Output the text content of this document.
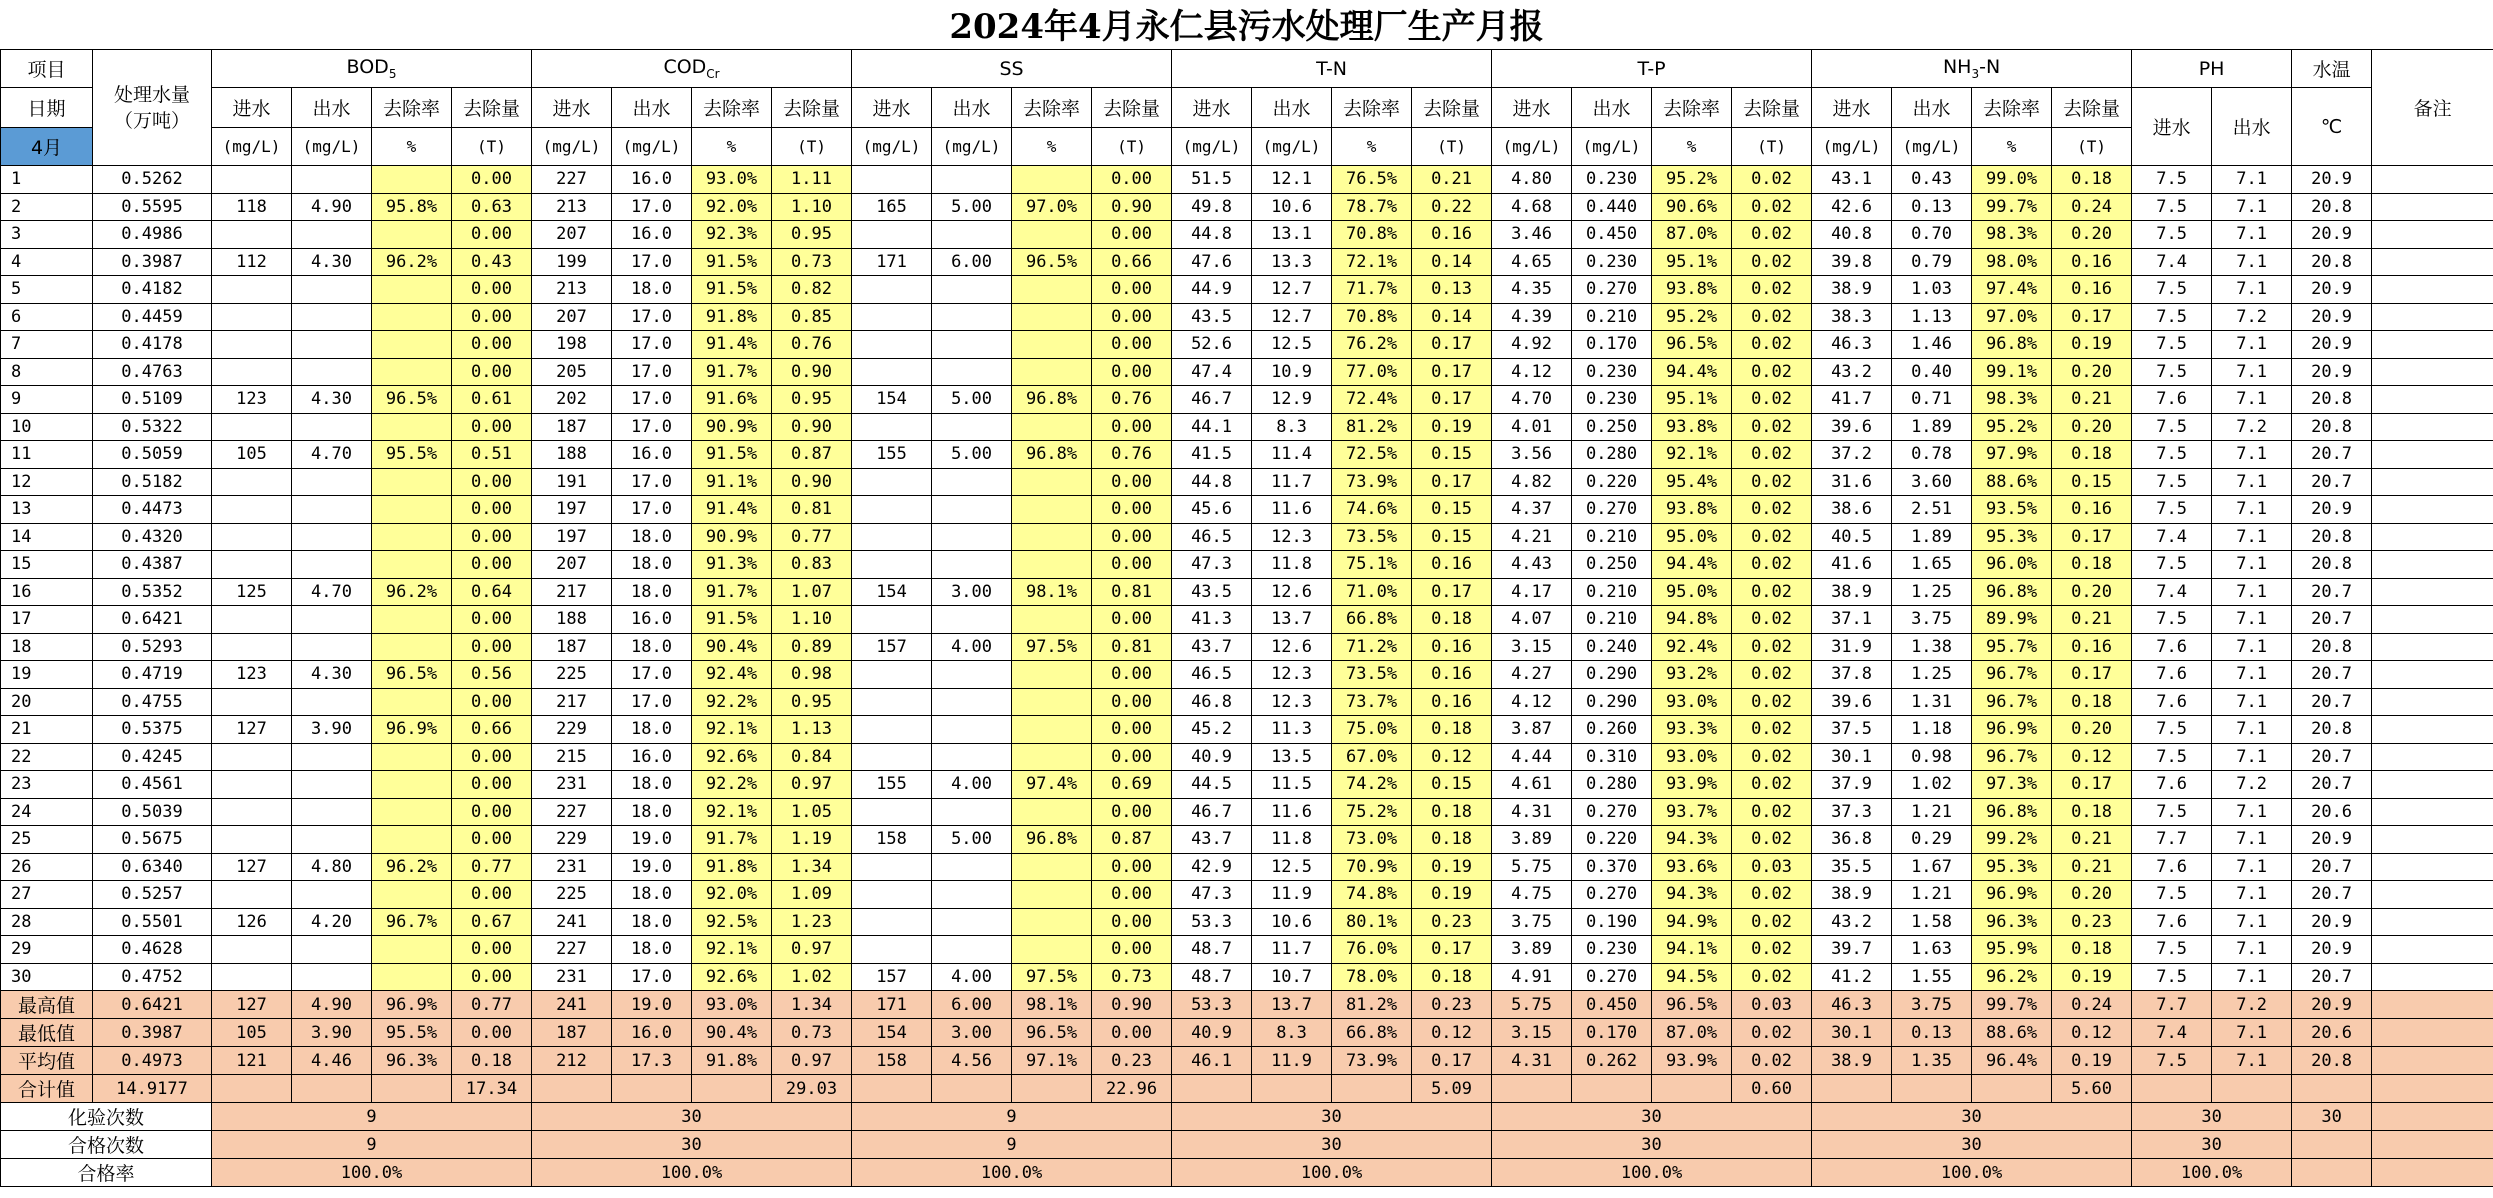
2024年4月永仁县污水处理厂生产月报
项目	处理水量（万吨）	$BOD_5$				$COD_{Cr}$				SS				T-N				T-P				$NH_3-N$				PH		水温	备注
日期		进水	出水	去除率	去除量	进水	出水	去除率	去除量	进水	出水	去除率	去除量	进水	出水	去除率	去除量	进水	出水	去除率	去除量	进水	出水	去除率	去除量	进水	出水	℃	
4月		(mg/L)	(mg/L)	%	(T)	(mg/L)	(mg/L)	%	(T)	(mg/L)	(mg/L)	%	(T)	(mg/L)	(mg/L)	%	(T)	(mg/L)	(mg/L)	%	(T)	(mg/L)	(mg/L)	%	(T)				
1	0.5262				0.00	227	16.0	93.0%	1.11				0.00	51.5	12.1	76.5%	0.21	4.80	0.230	95.2%	0.02	43.1	0.43	99.0%	0.18	7.5	7.1	20.9	
2	0.5595	118	4.90	95.8%	0.63	213	17.0	92.0%	1.10	165	5.00	97.0%	0.90	49.8	10.6	78.7%	0.22	4.68	0.440	90.6%	0.02	42.6	0.13	99.7%	0.24	7.5	7.1	20.8	
3	0.4986				0.00	207	16.0	92.3%	0.95				0.00	44.8	13.1	70.8%	0.16	3.46	0.450	87.0%	0.02	40.8	0.70	98.3%	0.20	7.5	7.1	20.9	
4	0.3987	112	4.30	96.2%	0.43	199	17.0	91.5%	0.73	171	6.00	96.5%	0.66	47.6	13.3	72.1%	0.14	4.65	0.230	95.1%	0.02	39.8	0.79	98.0%	0.16	7.4	7.1	20.8	
5	0.4182				0.00	213	18.0	91.5%	0.82				0.00	44.9	12.7	71.7%	0.13	4.35	0.270	93.8%	0.02	38.9	1.03	97.4%	0.16	7.5	7.1	20.9	
6	0.4459				0.00	207	17.0	91.8%	0.85				0.00	43.5	12.7	70.8%	0.14	4.39	0.210	95.2%	0.02	38.3	1.13	97.0%	0.17	7.5	7.2	20.9	
7	0.4178				0.00	198	17.0	91.4%	0.76				0.00	52.6	12.5	76.2%	0.17	4.92	0.170	96.5%	0.02	46.3	1.46	96.8%	0.19	7.5	7.1	20.9	
8	0.4763				0.00	205	17.0	91.7%	0.90				0.00	47.4	10.9	77.0%	0.17	4.12	0.230	94.4%	0.02	43.2	0.40	99.1%	0.20	7.5	7.1	20.9	
9	0.5109	123	4.30	96.5%	0.61	202	17.0	91.6%	0.95	154	5.00	96.8%	0.76	46.7	12.9	72.4%	0.17	4.70	0.230	95.1%	0.02	41.7	0.71	98.3%	0.21	7.6	7.1	20.8	
10	0.5322				0.00	187	17.0	90.9%	0.90				0.00	44.1	8.3	81.2%	0.19	4.01	0.250	93.8%	0.02	39.6	1.89	95.2%	0.20	7.5	7.2	20.8	
11	0.5059	105	4.70	95.5%	0.51	188	16.0	91.5%	0.87	155	5.00	96.8%	0.76	41.5	11.4	72.5%	0.15	3.56	0.280	92.1%	0.02	37.2	0.78	97.9%	0.18	7.5	7.1	20.7	
12	0.5182				0.00	191	17.0	91.1%	0.90				0.00	44.8	11.7	73.9%	0.17	4.82	0.220	95.4%	0.02	31.6	3.60	88.6%	0.15	7.5	7.1	20.7	
13	0.4473				0.00	197	17.0	91.4%	0.81				0.00	45.6	11.6	74.6%	0.15	4.37	0.270	93.8%	0.02	38.6	2.51	93.5%	0.16	7.5	7.1	20.9	
14	0.4320				0.00	197	18.0	90.9%	0.77				0.00	46.5	12.3	73.5%	0.15	4.21	0.210	95.0%	0.02	40.5	1.89	95.3%	0.17	7.4	7.1	20.8	
15	0.4387				0.00	207	18.0	91.3%	0.83				0.00	47.3	11.8	75.1%	0.16	4.43	0.250	94.4%	0.02	41.6	1.65	96.0%	0.18	7.5	7.1	20.8	
16	0.5352	125	4.70	96.2%	0.64	217	18.0	91.7%	1.07	154	3.00	98.1%	0.81	43.5	12.6	71.0%	0.17	4.17	0.210	95.0%	0.02	38.9	1.25	96.8%	0.20	7.4	7.1	20.7	
17	0.6421				0.00	188	16.0	91.5%	1.10				0.00	41.3	13.7	66.8%	0.18	4.07	0.210	94.8%	0.02	37.1	3.75	89.9%	0.21	7.5	7.1	20.7	
18	0.5293				0.00	187	18.0	90.4%	0.89	157	4.00	97.5%	0.81	43.7	12.6	71.2%	0.16	3.15	0.240	92.4%	0.02	31.9	1.38	95.7%	0.16	7.6	7.1	20.8	
19	0.4719	123	4.30	96.5%	0.56	225	17.0	92.4%	0.98				0.00	46.5	12.3	73.5%	0.16	4.27	0.290	93.2%	0.02	37.8	1.25	96.7%	0.17	7.6	7.1	20.7	
20	0.4755				0.00	217	17.0	92.2%	0.95				0.00	46.8	12.3	73.7%	0.16	4.12	0.290	93.0%	0.02	39.6	1.31	96.7%	0.18	7.6	7.1	20.7	
21	0.5375	127	3.90	96.9%	0.66	229	18.0	92.1%	1.13				0.00	45.2	11.3	75.0%	0.18	3.87	0.260	93.3%	0.02	37.5	1.18	96.9%	0.20	7.5	7.1	20.8	
22	0.4245				0.00	215	16.0	92.6%	0.84				0.00	40.9	13.5	67.0%	0.12	4.44	0.310	93.0%	0.02	30.1	0.98	96.7%	0.12	7.5	7.1	20.7	
23	0.4561				0.00	231	18.0	92.2%	0.97	155	4.00	97.4%	0.69	44.5	11.5	74.2%	0.15	4.61	0.280	93.9%	0.02	37.9	1.02	97.3%	0.17	7.6	7.2	20.7	
24	0.5039				0.00	227	18.0	92.1%	1.05				0.00	46.7	11.6	75.2%	0.18	4.31	0.270	93.7%	0.02	37.3	1.21	96.8%	0.18	7.5	7.1	20.6	
25	0.5675				0.00	229	19.0	91.7%	1.19	158	5.00	96.8%	0.87	43.7	11.8	73.0%	0.18	3.89	0.220	94.3%	0.02	36.8	0.29	99.2%	0.21	7.7	7.1	20.9	
26	0.6340	127	4.80	96.2%	0.77	231	19.0	91.8%	1.34				0.00	42.9	12.5	70.9%	0.19	5.75	0.370	93.6%	0.03	35.5	1.67	95.3%	0.21	7.6	7.1	20.7	
27	0.5257				0.00	225	18.0	92.0%	1.09				0.00	47.3	11.9	74.8%	0.19	4.75	0.270	94.3%	0.02	38.9	1.21	96.9%	0.20	7.5	7.1	20.7	
28	0.5501	126	4.20	96.7%	0.67	241	18.0	92.5%	1.23				0.00	53.3	10.6	80.1%	0.23	3.75	0.190	94.9%	0.02	43.2	1.58	96.3%	0.23	7.6	7.1	20.9	
29	0.4628				0.00	227	18.0	92.1%	0.97				0.00	48.7	11.7	76.0%	0.17	3.89	0.230	94.1%	0.02	39.7	1.63	95.9%	0.18	7.5	7.1	20.9	
30	0.4752				0.00	231	17.0	92.6%	1.02	157	4.00	97.5%	0.73	48.7	10.7	78.0%	0.18	4.91	0.270	94.5%	0.02	41.2	1.55	96.2%	0.19	7.5	7.1	20.7	
最高值	0.6421	127	4.90	96.9%	0.77	241	19.0	93.0%	1.34	171	6.00	98.1%	0.90	53.3	13.7	81.2%	0.23	5.75	0.450	96.5%	0.03	46.3	3.75	99.7%	0.24	7.7	7.2	20.9	
最低值	0.3987	105	3.90	95.5%	0.00	187	16.0	90.4%	0.73	154	3.00	96.5%	0.00	40.9	8.3	66.8%	0.12	3.15	0.170	87.0%	0.02	30.1	0.13	88.6%	0.12	7.4	7.1	20.6	
平均值	0.4973	121	4.46	96.3%	0.18	212	17.3	91.8%	0.97	158	4.56	97.1%	0.23	46.1	11.9	73.9%	0.17	4.31	0.262	93.9%	0.02	38.9	1.35	96.4%	0.19	7.5	7.1	20.8	
合计值	14.9177				17.34				29.03				22.96				5.09				0.60				5.60				
化验次数		9				30				9				30				30				30				30		30	
合格次数		9				30				9				30				30				30				30			
合格率		100.0%				100.0%				100.0%				100.0%				100.0%				100.0%				100.0%			
